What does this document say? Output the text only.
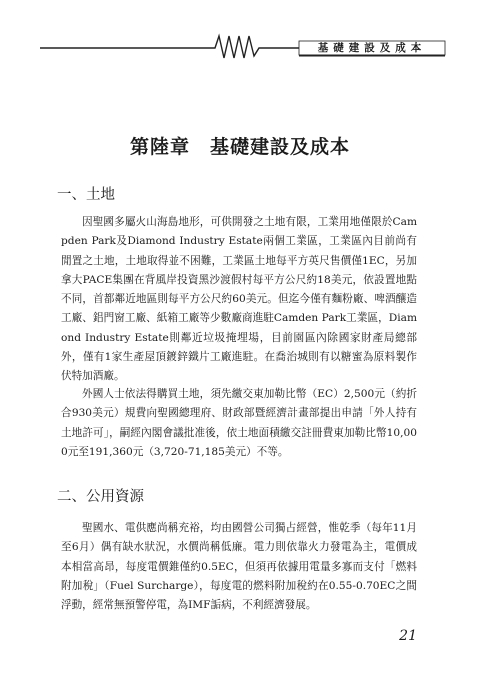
基礎建設及成本
第陸章　基礎建設及成本
一、土地

因聖國多屬火山海島地形，可供開發之土地有限，工業用地僅限於Campden Park及Diamond Industry Estate兩個工業區，工業區內目前尚有閒置之土地，土地取得並不困難，工業區土地每平方英尺售價僅1EC，另加拿大PACE集團在背風岸投資黑沙渡假村每平方公尺約18美元，依設置地點不同，首都鄰近地區則每平方公尺約60美元。但迄今僅有麵粉廠、啤酒釀造工廠、鋁門窗工廠、紙箱工廠等少數廠商進駐Camden Park工業區，Diamond Industry Estate則鄰近垃圾掩埋場，目前園區內除國家財產局總部外，僅有1家生產屋頂鍍鋅鐵片工廠進駐。在喬治城則有以糖蜜為原料製作伏特加酒廠。

外國人士依法得購買土地，須先繳交東加勒比幣（EC）2,500元（約折合930美元）規費向聖國總理府、財政部暨經濟計畫部提出申請「外人持有土地許可」，嗣經內閣會議批准後，依土地面積繳交註冊費東加勒比幣10,000元至191,360元（3,720-71,185美元）不等。

二、公用資源

聖國水、電供應尚稱充裕，均由國營公司獨占經營，惟乾季（每年11月至6月）偶有缺水狀況，水價尚稱低廉。電力則依靠火力發電為主，電價成本相當高昂，每度電價錐僅約0.5EC，但須再依據用電量多寡而支付「燃料附加稅」（Fuel Surcharge），每度電的燃料附加稅約在0.55-0.70EC之間浮動，經常無預警停電，為IMF詬病，不利經濟發展。

21
